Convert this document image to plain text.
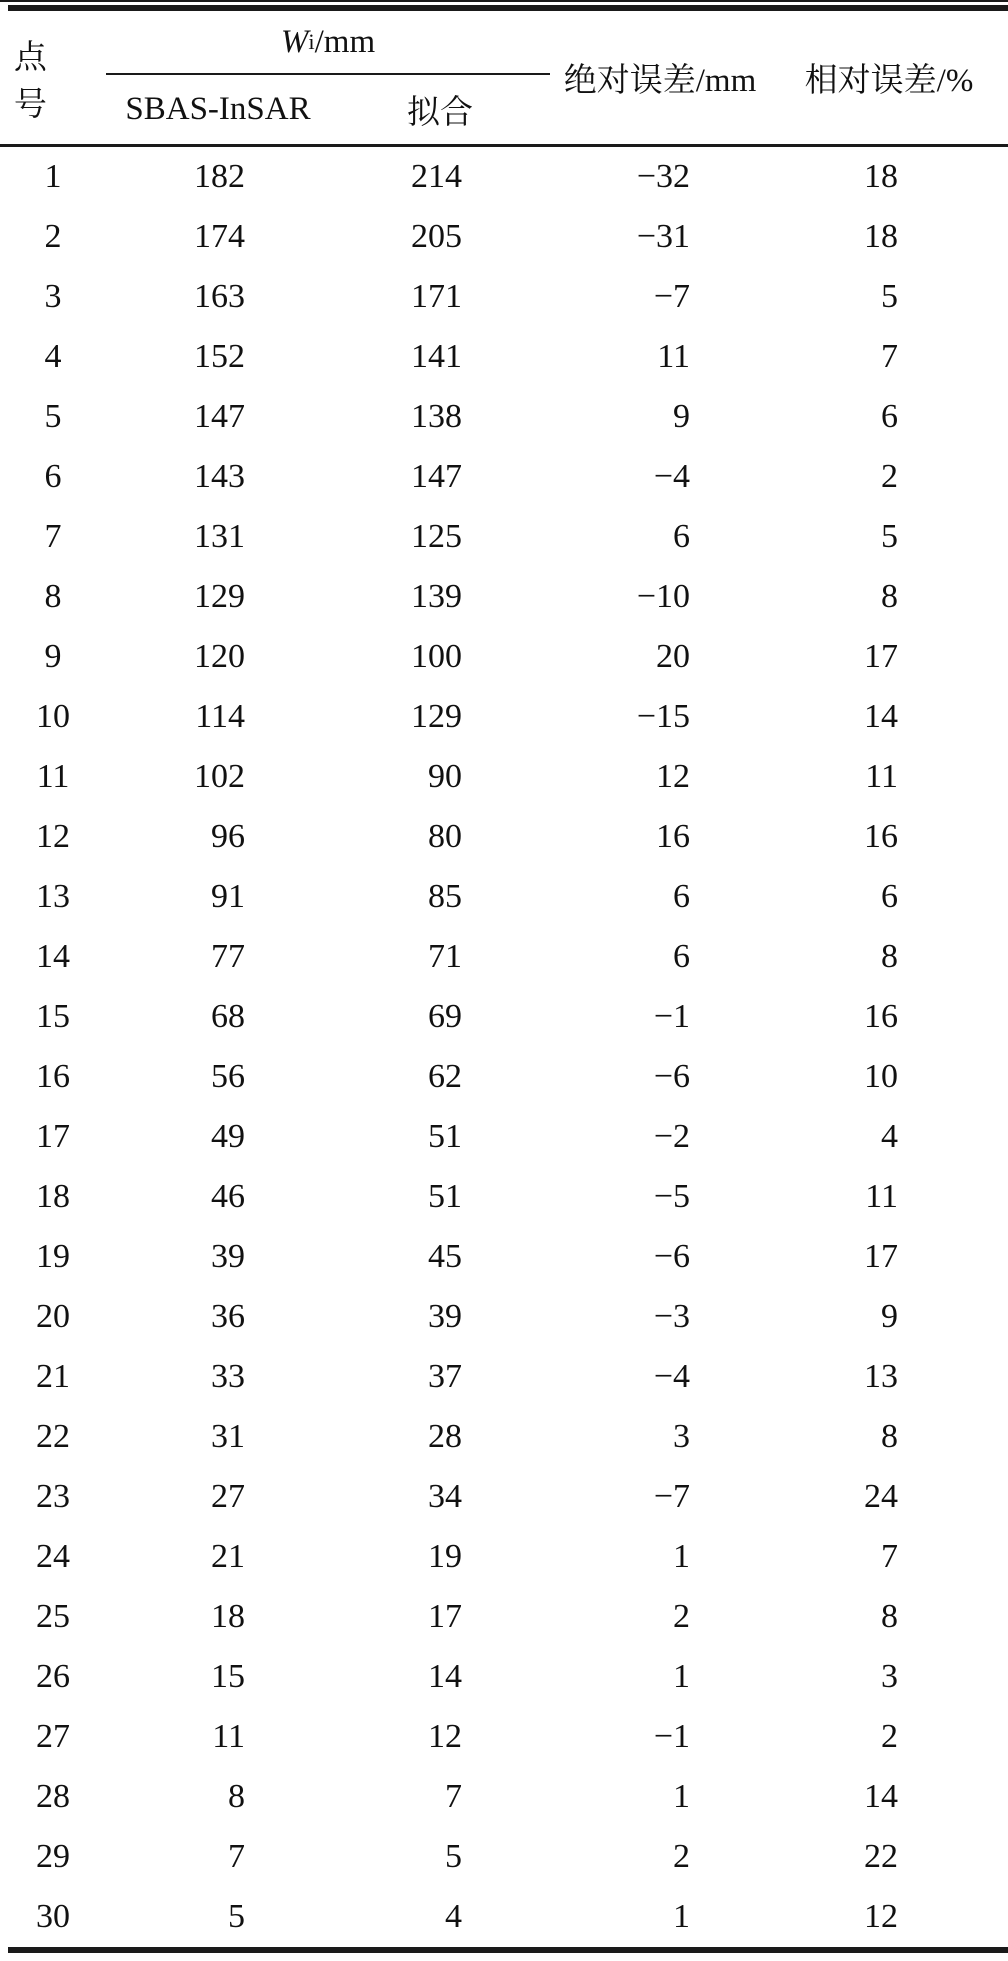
点号
W i /mm
SBAS-InSAR	拟合
绝对误差/mm	相对误差/%
1	182	214	−32	18
2	174	205	−31	18
3	163	171	−7	5
4	152	141	11	7
5	147	138	9	6
6	143	147	−4	2
7	131	125	6	5
8	129	139	−10	8
9	120	100	20	17
10	114	129	−15	14
11	102	90	12	11
12	96	80	16	16
13	91	85	6	6
14	77	71	6	8
15	68	69	−1	16
16	56	62	−6	10
17	49	51	−2	4
18	46	51	−5	11
19	39	45	−6	17
20	36	39	−3	9
21	33	37	−4	13
22	31	28	3	8
23	27	34	−7	24
24	21	19	1	7
25	18	17	2	8
26	15	14	1	3
27	11	12	−1	2
28	8	7	1	14
29	7	5	2	22
30	5	4	1	12
